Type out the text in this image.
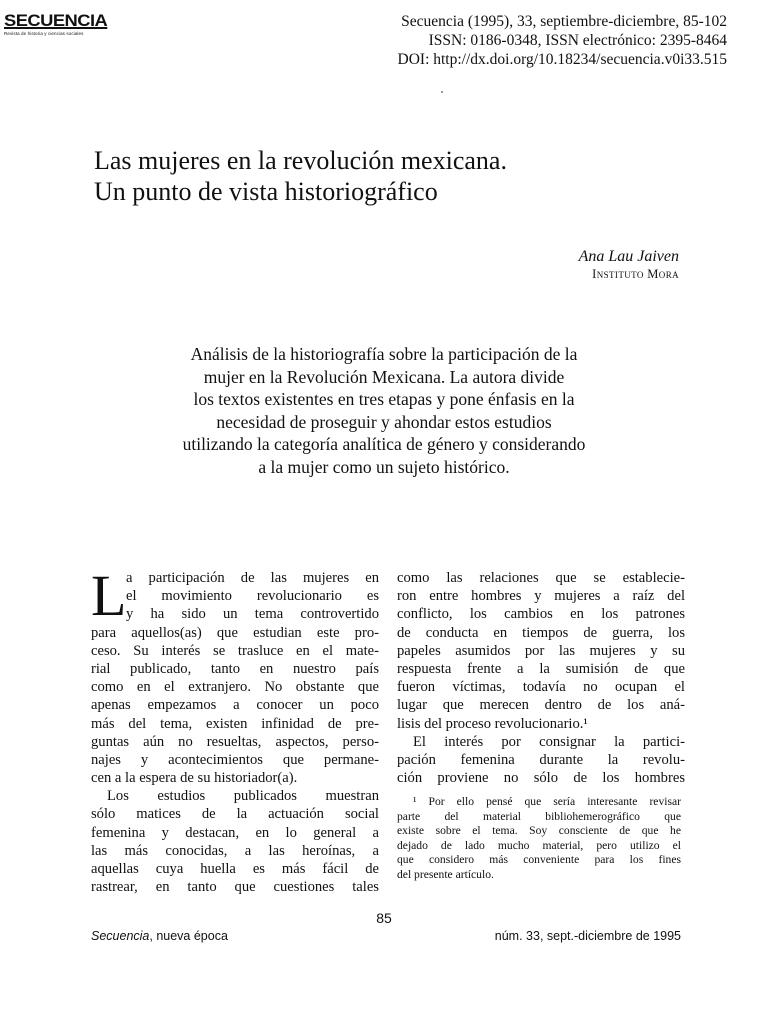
SECUENCIA
Revista de historia y ciencias sociales
Secuencia (1995), 33, septiembre-diciembre, 85-102
ISSN: 0186-0348, ISSN electrónico: 2395-8464
DOI: http://dx.doi.org/10.18234/secuencia.v0i33.515
Las mujeres en la revolución mexicana.
Un punto de vista historiográfico
Ana Lau Jaiven
Instituto Mora
Análisis de la historiografía sobre la participación de la
mujer en la Revolución Mexicana. La autora divide
los textos existentes en tres etapas y pone énfasis en la
necesidad de proseguir y ahondar estos estudios
utilizando la categoría analítica de género y considerando
a la mujer como un sujeto histórico.
L a participación de las mujeres en
el movimiento revolucionario es
y ha sido un tema controvertido
para aquellos(as) que estudian este pro-
ceso. Su interés se trasluce en el mate-
rial publicado, tanto en nuestro país
como en el extranjero. No obstante que
apenas empezamos a conocer un poco
más del tema, existen infinidad de pre-
guntas aún no resueltas, aspectos, perso-
najes y acontecimientos que permane-
cen a la espera de su historiador(a).
Los estudios publicados muestran
sólo matices de la actuación social
femenina y destacan, en lo general a
las más conocidas, a las heroínas, a
aquellas cuya huella es más fácil de
rastrear, en tanto que cuestiones tales
como las relaciones que se establecie-
ron entre hombres y mujeres a raíz del
conflicto, los cambios en los patrones
de conducta en tiempos de guerra, los
papeles asumidos por las mujeres y su
respuesta frente a la sumisión de que
fueron víctimas, todavía no ocupan el
lugar que merecen dentro de los aná-
lisis del proceso revolucionario.¹
El interés por consignar la partici-
pación femenina durante la revolu-
ción proviene no sólo de los hombres
¹ Por ello pensé que sería interesante revisar
parte del material bibliohemerográfico que
existe sobre el tema. Soy consciente de que he
dejado de lado mucho material, pero utilizo el
que considero más conveniente para los fines
del presente artículo.
85
Secuencia, nueva época	núm. 33, sept.-diciembre de 1995
